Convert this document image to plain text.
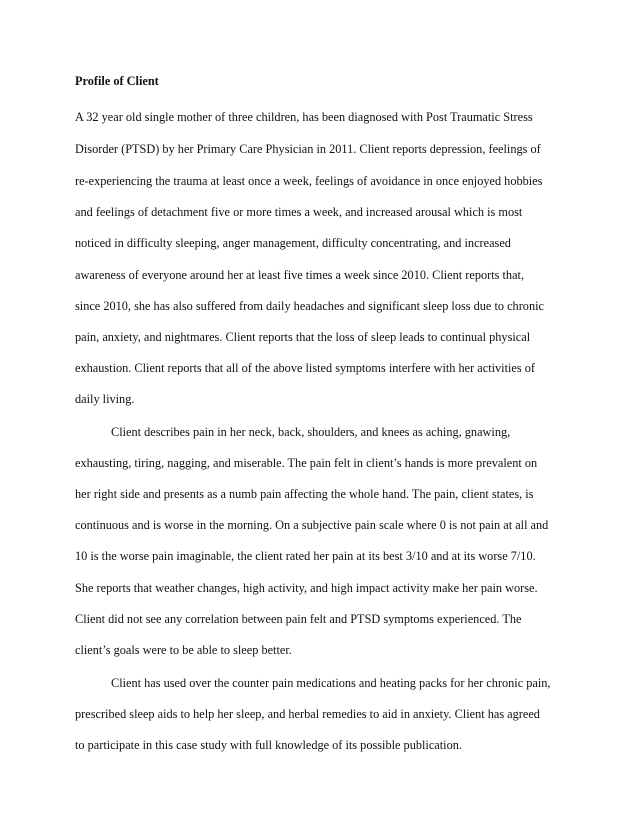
Profile of Client
A 32 year old single mother of three children, has been diagnosed with Post Traumatic Stress
Disorder (PTSD) by her Primary Care Physician in 2011. Client reports depression, feelings of
re-experiencing the trauma at least once a week, feelings of avoidance in once enjoyed hobbies
and feelings of detachment five or more times a week, and increased arousal which is most
noticed in difficulty sleeping, anger management, difficulty concentrating, and increased
awareness of everyone around her at least five times a week since 2010. Client reports that,
since 2010, she has also suffered from daily headaches and significant sleep loss due to chronic
pain, anxiety, and nightmares. Client reports that the loss of sleep leads to continual physical
exhaustion. Client reports that all of the above listed symptoms interfere with her activities of
daily living.
Client describes pain in her neck, back, shoulders, and knees as aching, gnawing,
exhausting, tiring, nagging, and miserable. The pain felt in client’s hands is more prevalent on
her right side and presents as a numb pain affecting the whole hand. The pain, client states, is
continuous and is worse in the morning. On a subjective pain scale where 0 is not pain at all and
10 is the worse pain imaginable, the client rated her pain at its best 3/10 and at its worse 7/10.
She reports that weather changes, high activity, and high impact activity make her pain worse.
Client did not see any correlation between pain felt and PTSD symptoms experienced. The
client’s goals were to be able to sleep better.
Client has used over the counter pain medications and heating packs for her chronic pain,
prescribed sleep aids to help her sleep, and herbal remedies to aid in anxiety. Client has agreed
to participate in this case study with full knowledge of its possible publication.
